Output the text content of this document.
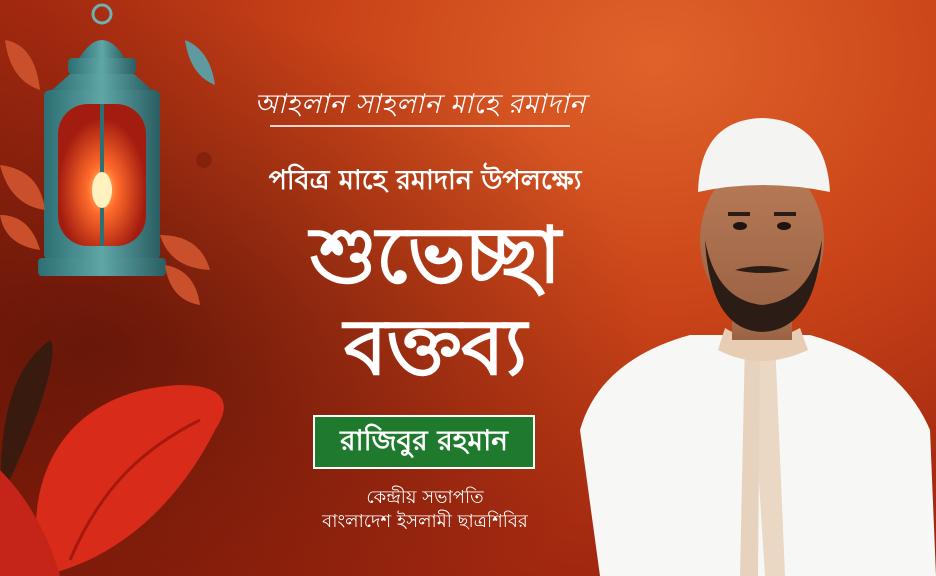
আহলান সাহলান মাহে রমাদান
পবিত্র মাহে রমাদান উপলক্ষ্যে
শুভেচ্ছা
বক্তব্য
রাজিবুর রহমান
কেন্দ্রীয় সভাপতি
বাংলাদেশ ইসলামী ছাত্রশিবির
